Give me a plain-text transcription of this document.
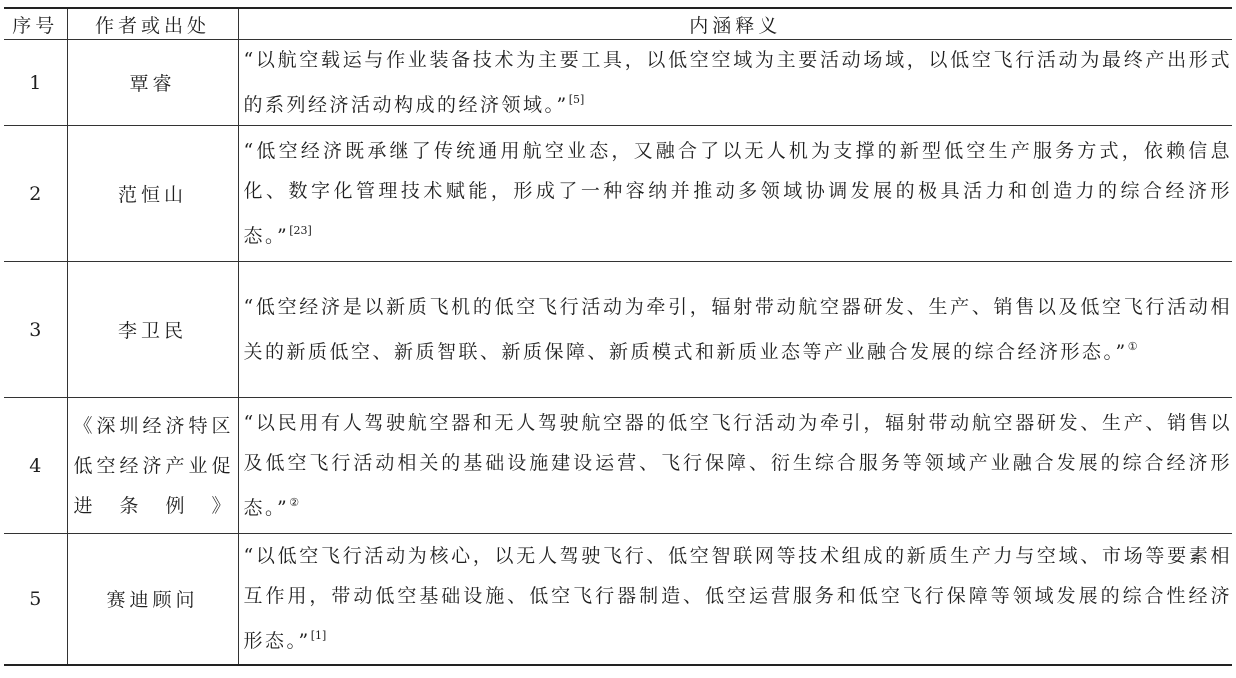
序号	作者或出处	内涵释义
1	覃睿	“以航空载运与作业装备技术为主要工具，以低空空域为主要活动场域，以低空飞行活动为最终产出形式的系列经济活动构成的经济领域。”[5]
2	范恒山	“低空经济既承继了传统通用航空业态，又融合了以无人机为支撑的新型低空生产服务方式，依赖信息化、数字化管理技术赋能，形成了一种容纳并推动多领域协调发展的极具活力和创造力的综合经济形态。”[23]
3	李卫民	“低空经济是以新质飞机的低空飞行活动为牵引，辐射带动航空器研发、生产、销售以及低空飞行活动相关的新质低空、新质智联、新质保障、新质模式和新质业态等产业融合发展的综合经济形态。”①
4	《深圳经济特区低空经济产业促进条例》	“以民用有人驾驶航空器和无人驾驶航空器的低空飞行活动为牵引，辐射带动航空器研发、生产、销售以及低空飞行活动相关的基础设施建设运营、飞行保障、衍生综合服务等领域产业融合发展的综合经济形态。”②
5	赛迪顾问	“以低空飞行活动为核心，以无人驾驶飞行、低空智联网等技术组成的新质生产力与空域、市场等要素相互作用，带动低空基础设施、低空飞行器制造、低空运营服务和低空飞行保障等领域发展的综合性经济形态。”[1]
